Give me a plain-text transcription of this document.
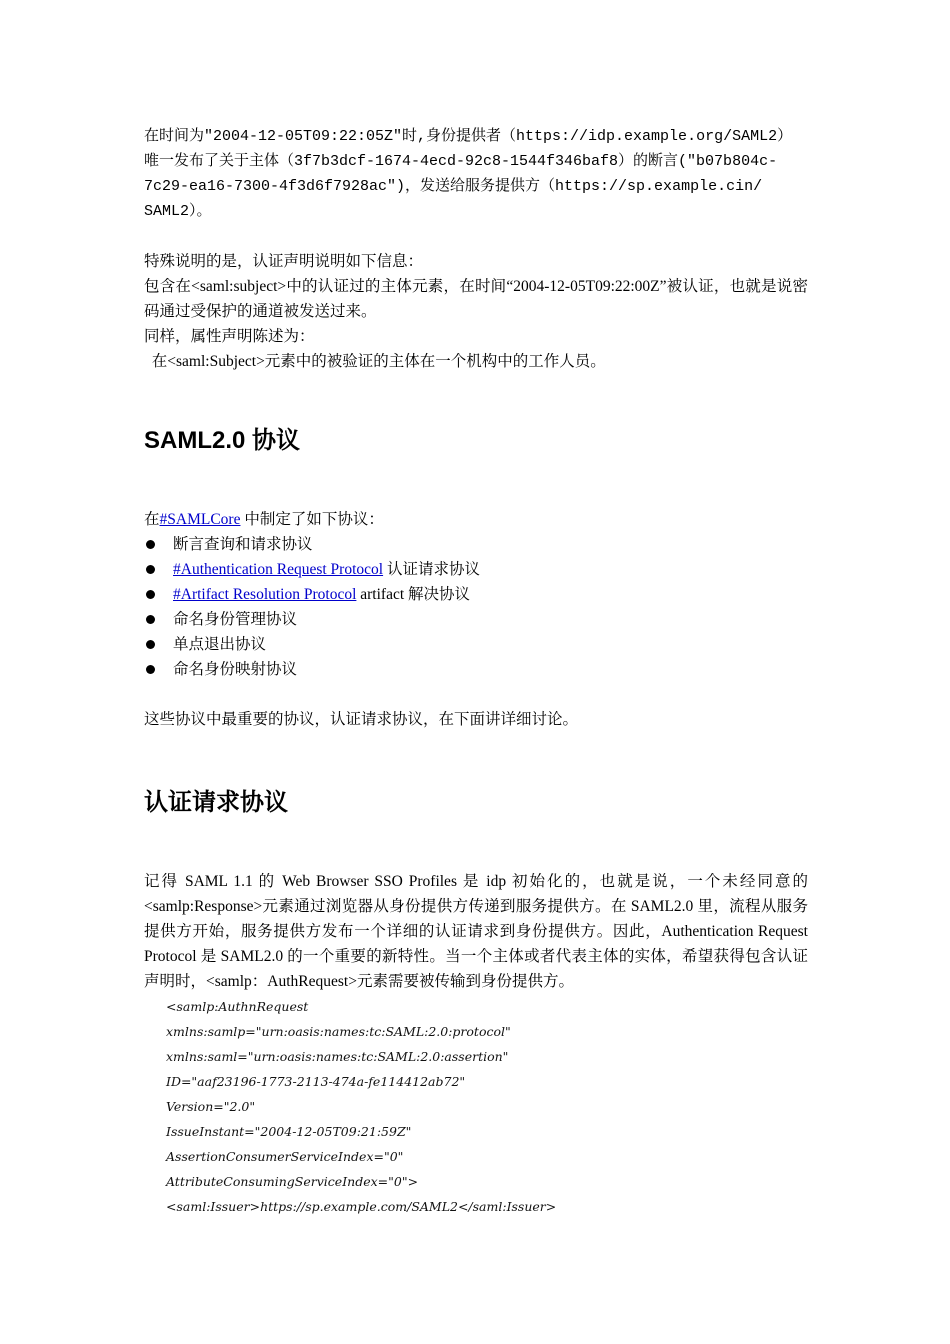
在时间为"2004-12-05T09:22:05Z"时,身份提供者（https://idp.example.org/SAML2）

唯一发布了关于主体（3f7b3dcf-1674-4ecd-92c8-1544f346baf8）的断言("b07b804c-

7c29-ea16-7300-4f3d6f7928ac")，发送给服务提供方（https://sp.example.cin/

SAML2）。

特殊说明的是，认证声明说明如下信息：

包含在<saml:subject>中的认证过的主体元素，在时间“2004-12-05T09:22:00Z”被认证，也就是说密码通过受保护的通道被发送过来。

同样，属性声明陈述为：

在<saml:Subject>元素中的被验证的主体在一个机构中的工作人员。

SAML2.0 协议

在#SAMLCore 中制定了如下协议：

断言查询和请求协议
#Authentication Request Protocol 认证请求协议
#Artifact Resolution Protocol artifact 解决协议
命名身份管理协议
单点退出协议
命名身份映射协议

这些协议中最重要的协议，认证请求协议，在下面讲详细讨论。

认证请求协议

记得 SAML 1.1 的 Web Browser SSO Profiles 是 idp 初始化的，也就是说，一个未经同意的<samlp:Response>元素通过浏览器从身份提供方传递到服务提供方。在 SAML2.0 里，流程从服务提供方开始，服务提供方发布一个详细的认证请求到身份提供方。因此，Authentication Request Protocol 是 SAML2.0 的一个重要的新特性。当一个主体或者代表主体的实体，希望获得包含认证声明时，<samlp：AuthRequest>元素需要被传输到身份提供方。

<samlp:AuthnRequest

xmlns:samlp="urn:oasis:names:tc:SAML:2.0:protocol"

xmlns:saml="urn:oasis:names:tc:SAML:2.0:assertion"

ID="aaf23196-1773-2113-474a-fe114412ab72"

Version="2.0"

IssueInstant="2004-12-05T09:21:59Z"

AssertionConsumerServiceIndex="0"

AttributeConsumingServiceIndex="0">

<saml:Issuer>https://sp.example.com/SAML2</saml:Issuer>
